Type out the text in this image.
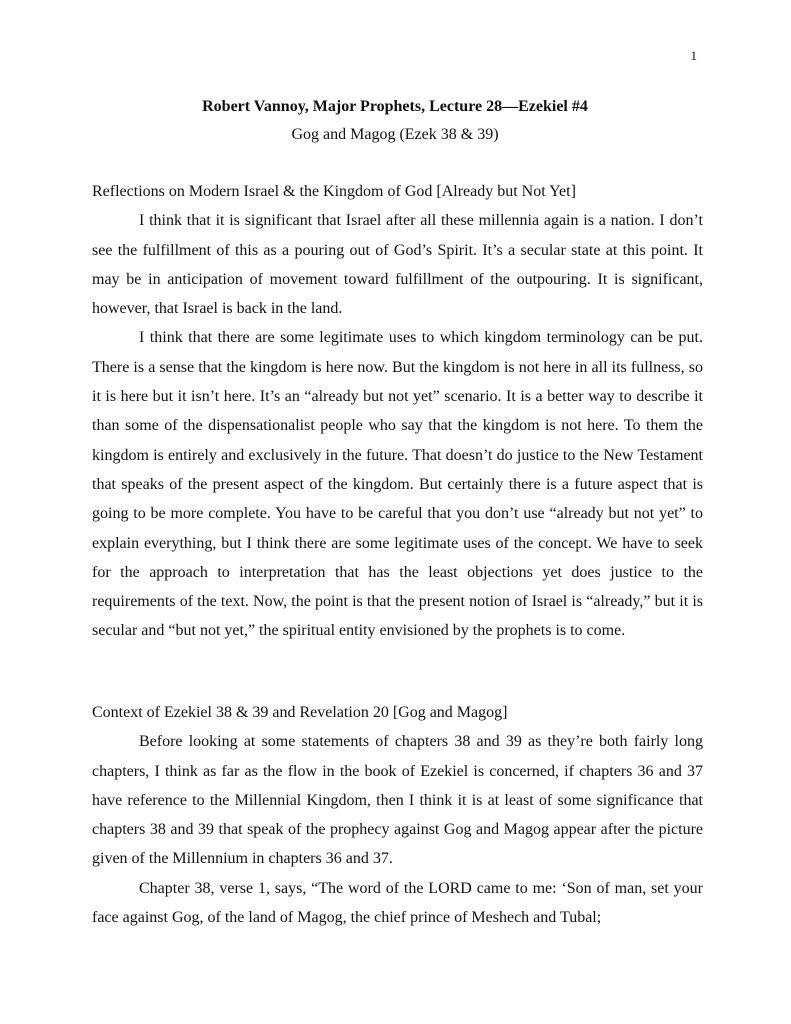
1
Robert Vannoy, Major Prophets, Lecture 28—Ezekiel #4
Gog and Magog (Ezek 38 & 39)

Reflections on Modern Israel & the Kingdom of God [Already but Not Yet]

I think that it is significant that Israel after all these millennia again is a nation. I don’t see the fulfillment of this as a pouring out of God’s Spirit. It’s a secular state at this point. It may be in anticipation of movement toward fulfillment of the outpouring. It is significant, however, that Israel is back in the land.

I think that there are some legitimate uses to which kingdom terminology can be put. There is a sense that the kingdom is here now. But the kingdom is not here in all its fullness, so it is here but it isn’t here. It’s an “already but not yet” scenario. It is a better way to describe it than some of the dispensationalist people who say that the kingdom is not here. To them the kingdom is entirely and exclusively in the future. That doesn’t do justice to the New Testament that speaks of the present aspect of the kingdom. But certainly there is a future aspect that is going to be more complete. You have to be careful that you don’t use “already but not yet” to explain everything, but I think there are some legitimate uses of the concept. We have to seek for the approach to interpretation that has the least objections yet does justice to the requirements of the text. Now, the point is that the present notion of Israel is “already,” but it is secular and “but not yet,” the spiritual entity envisioned by the prophets is to come.

Context of Ezekiel 38 & 39 and Revelation 20 [Gog and Magog]

Before looking at some statements of chapters 38 and 39 as they’re both fairly long chapters, I think as far as the flow in the book of Ezekiel is concerned, if chapters 36 and 37 have reference to the Millennial Kingdom, then I think it is at least of some significance that chapters 38 and 39 that speak of the prophecy against Gog and Magog appear after the picture given of the Millennium in chapters 36 and 37.

Chapter 38, verse 1, says, “The word of the LORD came to me: ‘Son of man, set your face against Gog, of the land of Magog, the chief prince of Meshech and Tubal;
